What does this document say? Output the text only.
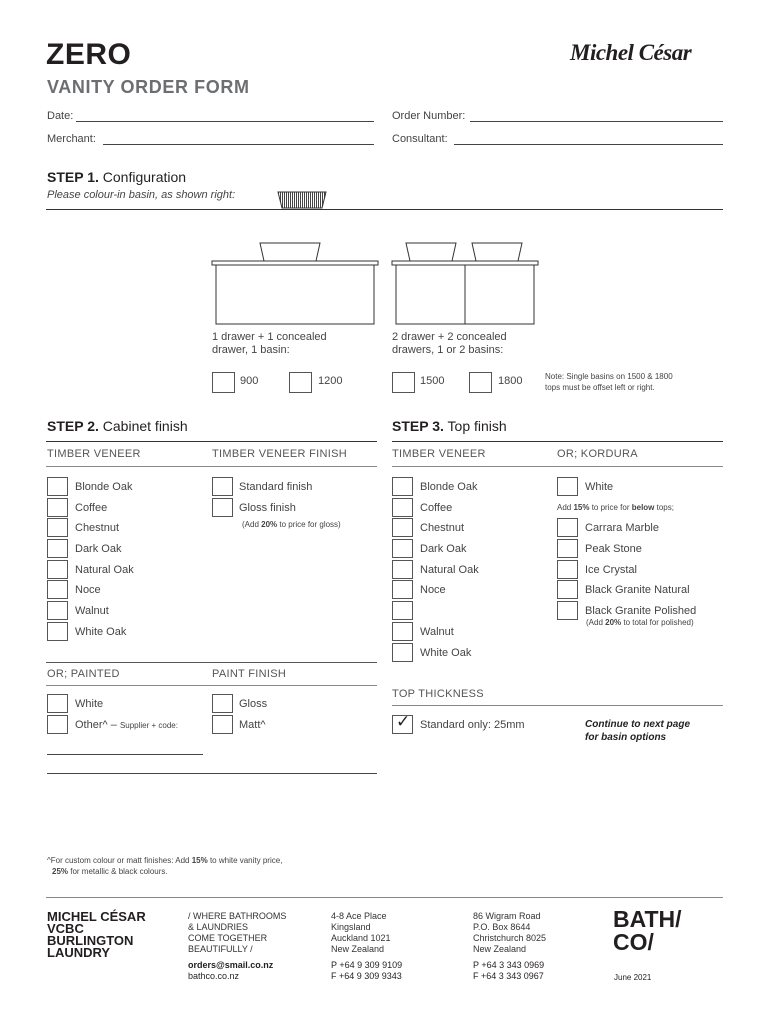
ZERO
VANITY ORDER FORM
Michel César
Date:	Order Number:
Merchant:	Consultant:
STEP 1. Configuration
Please colour-in basin, as shown right:
1 drawer + 1 concealed
drawer, 1 basin:
2 drawer + 2 concealed
drawers, 1 or 2 basins:
900	1200	1500	1800	Note: Single basins on 1500 & 1800
tops must be offset left or right.
STEP 2. Cabinet finish
TIMBER VENEER	TIMBER VENEER FINISH
Blonde Oak
Coffee
Chestnut
Dark Oak
Natural Oak
Noce
Walnut
White Oak
Standard finish
Gloss finish
(Add 20% to price for gloss)
OR; PAINTED	PAINT FINISH
White
Other^ – Supplier + code:
Gloss
Matt^
STEP 3. Top finish
TIMBER VENEER	OR; KORDURA
Blonde Oak
Coffee
Chestnut
Dark Oak
Natural Oak
Noce
Walnut
White Oak
White
Add 15% to price for below tops;
Carrara Marble
Peak Stone
Ice Crystal
Black Granite Natural
Black Granite Polished
(Add 20% to total for polished)
TOP THICKNESS
✓ Standard only: 25mm	Continue to next page
for basin options
^For custom colour or matt finishes: Add 15% to white vanity price,
25% for metallic & black colours.
MICHEL CÉSAR
VCBC
BURLINGTON
LAUNDRY
/ WHERE BATHROOMS
& LAUNDRIES
COME TOGETHER
BEAUTIFULLY /
orders@smail.co.nz
bathco.co.nz
4-8 Ace Place
Kingsland
Auckland 1021
New Zealand
P +64 9 309 9109
F +64 9 309 9343
86 Wigram Road
P.O. Box 8644
Christchurch 8025
New Zealand
P +64 3 343 0969
F +64 3 343 0967
BATH/
CO/
June 2021
